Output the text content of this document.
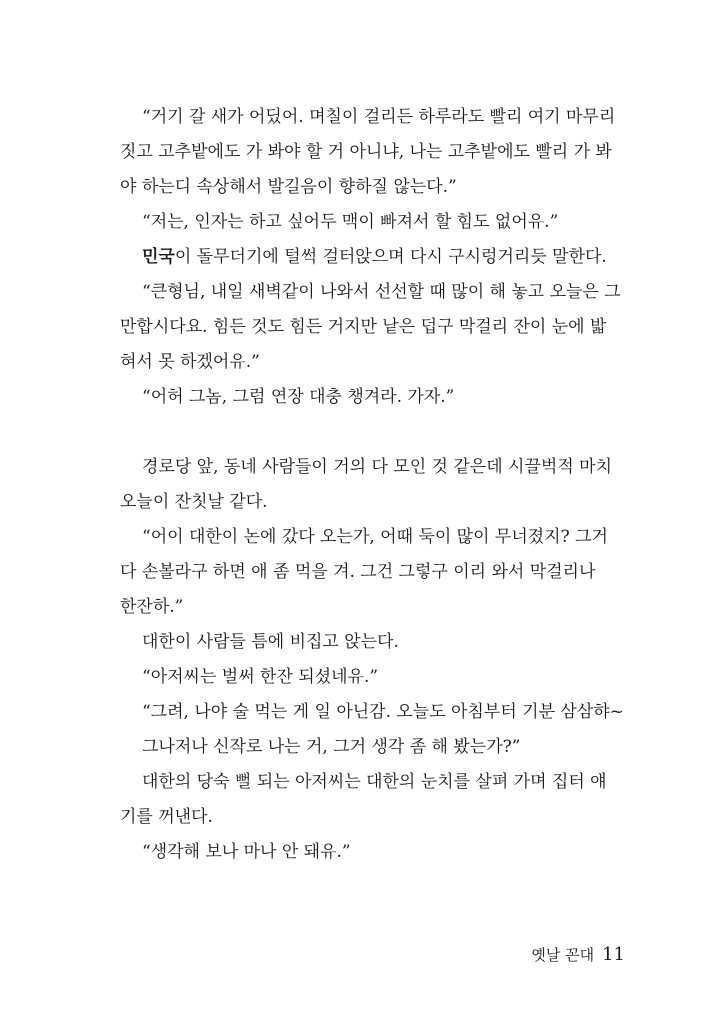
“거기 갈 새가 어딨어. 며칠이 걸리든 하루라도 빨리 여기 마무리
짓고 고추밭에도 가 봐야 할 거 아니냐, 나는 고추밭에도 빨리 가 봐
야 하는디 속상해서 발길음이 향하질 않는다.”

“저는, 인자는 하고 싶어두 맥이 빠져서 할 힘도 없어유.”

민국이 돌무더기에 털썩 걸터앉으며 다시 구시렁거리듯 말한다.

“큰형님, 내일 새벽같이 나와서 선선할 때 많이 해 놓고 오늘은 그
만합시다요. 힘든 것도 힘든 거지만 낱은 덥구 막걸리 잔이 눈에 밟
혀서 못 하겠어유.”

“어허 그놈, 그럼 연장 대충 챙겨라. 가자.”

경로당 앞, 동네 사람들이 거의 다 모인 것 같은데 시끌벅적 마치
오늘이 잔칫날 같다.

“어이 대한이 논에 갔다 오는가, 어때 둑이 많이 무너졌지? 그거
다 손볼라구 하면 애 좀 먹을 겨. 그건 그렇구 이리 와서 막걸리나
한잔하.”

대한이 사람들 틈에 비집고 앉는다.

“아저씨는 벌써 한잔 되셨네유.”

“그려, 나야 술 먹는 게 일 아닌감. 오늘도 아침부터 기분 삼삼햐~
그나저나 신작로 나는 거, 그거 생각 좀 해 봤는가?”

대한의 당숙 뻘 되는 아저씨는 대한의 눈치를 살펴 가며 집터 얘
기를 꺼낸다.

“생각해 보나 마나 안 돼유.”

옛날 꼰대 11
